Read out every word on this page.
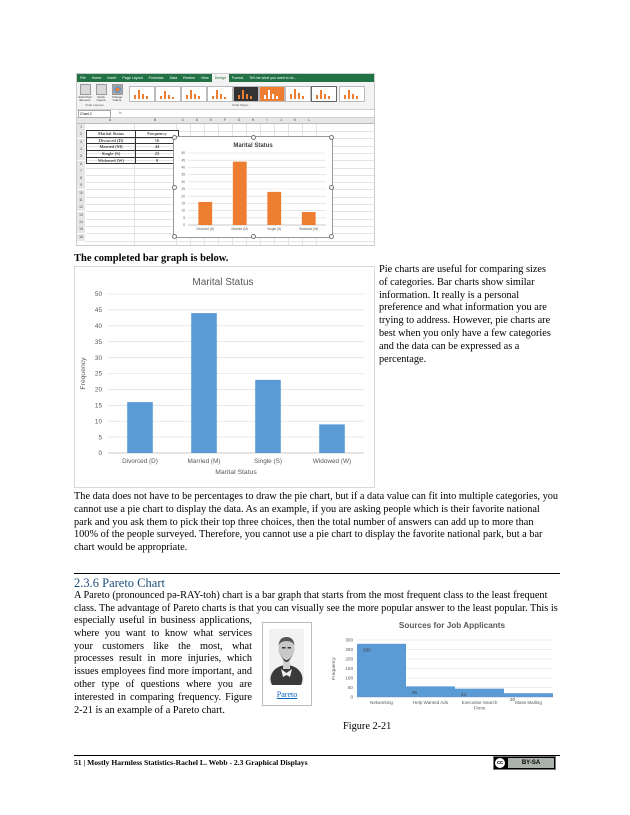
File	Home	Insert	Page Layout	Formulas	Data	Review	View	Design	Format	Tell me what you want to do...
Add Chart Element
Quick Layout
Change Colors
Chart Layouts	Chart Styles
Chart 2	fx
A	B	C	D	E	F	G	H	I	J	K	L
1
2
3
4
5
6
7
8
9
10
11
12
13
14
15
16
Marital Status	Frequency
Divorced (D)	16
Married (M)	44
Single (S)	23
Widowed (W)	9
Marital Status
0
5
10
15
20
25
30
35
40
45
50
Divorced (D)	Married (M)	Single (S)	Widowed (W)
The completed bar graph is below.
Marital Status
0
5
10
15
20
25
30
35
40
45
50
Divorced (D)	Married (M)	Single (S)	Widowed (W)
Marital Status
Frequency
Pie charts are useful for comparing sizes of categories. Bar charts show similar information. It really is a personal preference and what information you are trying to address. However, pie charts are best when you only have a few categories and the data can be expressed as a percentage.
The data does not have to be percentages to draw the pie chart, but if a data value can fit into multiple categories, you cannot use a pie chart to display the data. As an example, if you are asking people which is their favorite national park and you ask them to pick their top three choices, then the total number of answers can add up to more than 100% of the people surveyed. Therefore, you cannot use a pie chart to display the favorite national park, but a bar chart would be appropriate.
2.3.6 Pareto Chart
A Pareto (pronounced pə-RAY-toh) chart is a bar graph that starts from the most frequent class to the least frequent class. The advantage of Pareto charts is that you can visually see the more popular answer to the least popular. This is
especially useful in business applications, where you want to know what services your customers like the most, what processes result in more injuries, which issues employees find more important, and other type of questions where you are interested in comparing frequency. Figure 2-21 is an example of a Pareto chart.
Pareto
Sources for Job Applicants
0
50
100
150
200
250
300
Networking
280
Help Wanted Ads
56
Executive Search Firms
44
Mass Mailing
20
Frequency
Figure 2-21
51 | Mostly Harmless Statistics-Rachel L. Webb - 2.3 Graphical Displays	cc	BY-SA
